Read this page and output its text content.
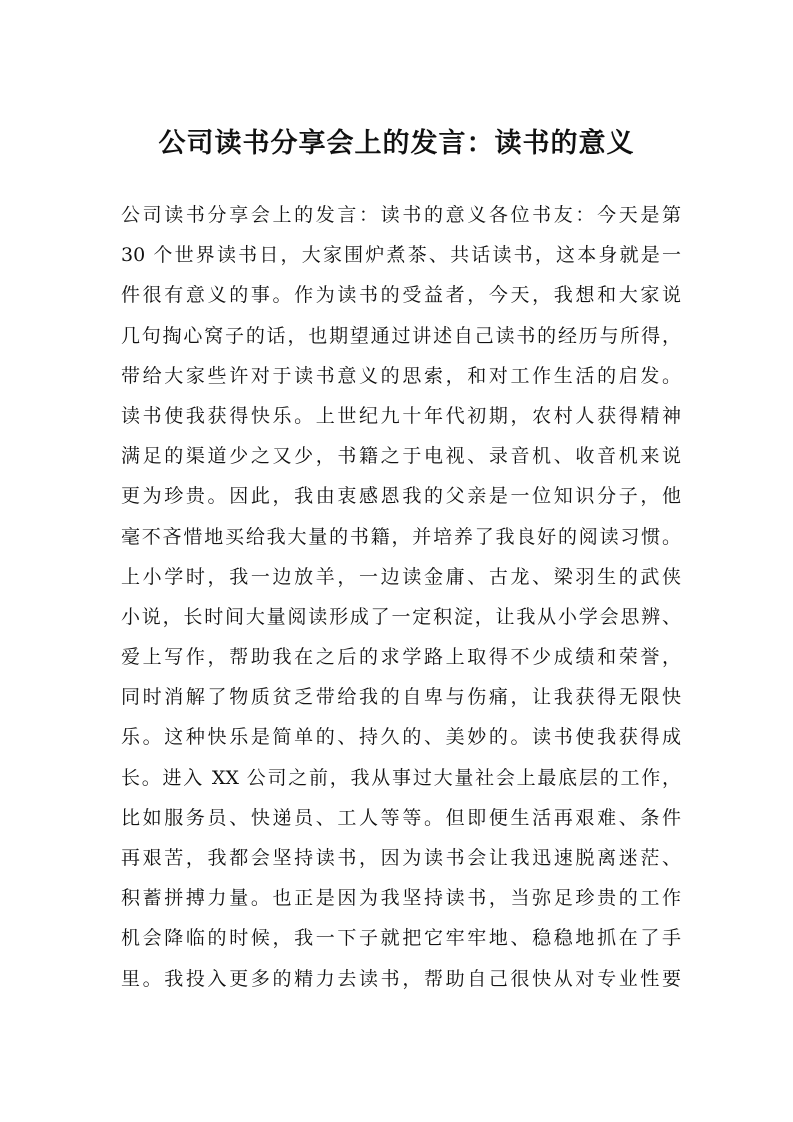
公司读书分享会上的发言：读书的意义
公司读书分享会上的发言：读书的意义各位书友：今天是第
30 个世界读书日，大家围炉煮茶、共话读书，这本身就是一
件很有意义的事。作为读书的受益者，今天，我想和大家说
几句掏心窝子的话，也期望通过讲述自己读书的经历与所得，
带给大家些许对于读书意义的思索，和对工作生活的启发。
读书使我获得快乐。上世纪九十年代初期，农村人获得精神
满足的渠道少之又少，书籍之于电视、录音机、收音机来说
更为珍贵。因此，我由衷感恩我的父亲是一位知识分子，他
毫不吝惜地买给我大量的书籍，并培养了我良好的阅读习惯。
上小学时，我一边放羊，一边读金庸、古龙、梁羽生的武侠
小说，长时间大量阅读形成了一定积淀，让我从小学会思辨、
爱上写作，帮助我在之后的求学路上取得不少成绩和荣誉，
同时消解了物质贫乏带给我的自卑与伤痛，让我获得无限快
乐。这种快乐是简单的、持久的、美妙的。读书使我获得成
长。进入 XX 公司之前，我从事过大量社会上最底层的工作，
比如服务员、快递员、工人等等。但即便生活再艰难、条件
再艰苦，我都会坚持读书，因为读书会让我迅速脱离迷茫、
积蓄拼搏力量。也正是因为我坚持读书，当弥足珍贵的工作
机会降临的时候，我一下子就把它牢牢地、稳稳地抓在了手
里。我投入更多的精力去读书，帮助自己很快从对专业性要
